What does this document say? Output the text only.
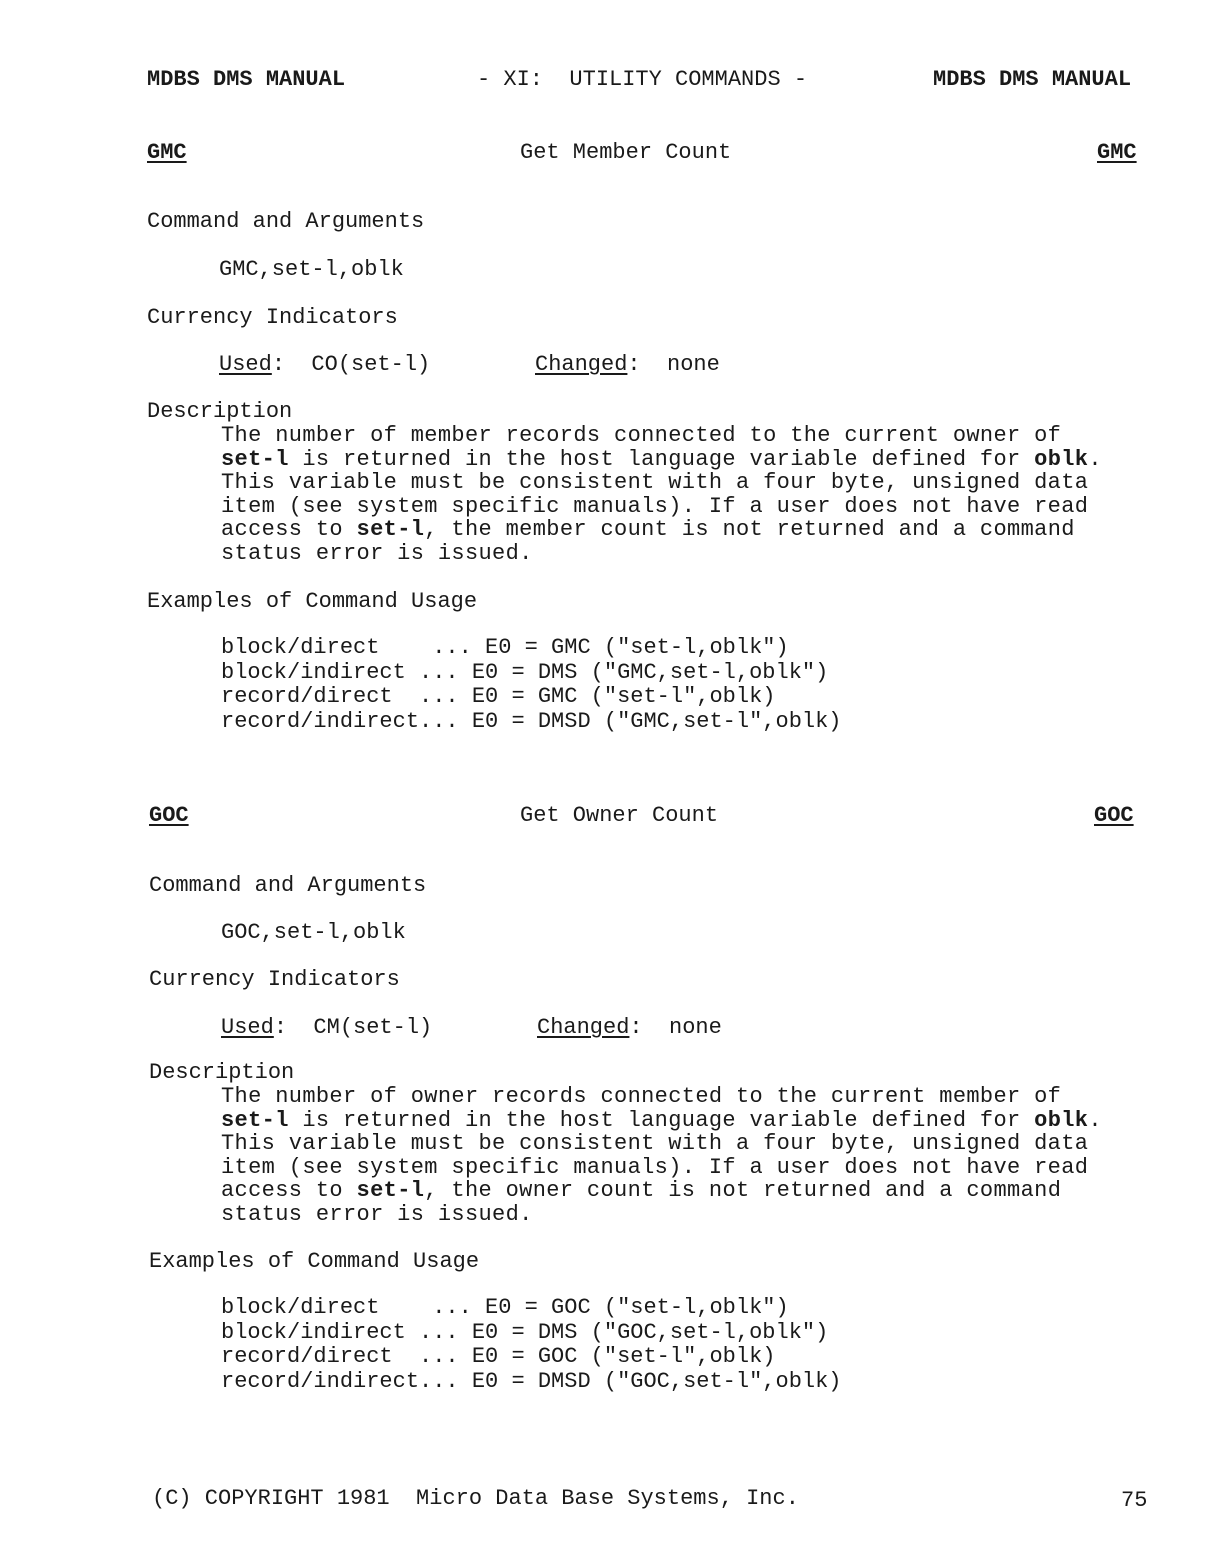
MDBS DMS MANUAL	- XI:  UTILITY COMMANDS -	MDBS DMS MANUAL
GMC	Get Member Count	GMC
Command and Arguments
GMC,set-l,oblk
Currency Indicators
Used:  CO(set-l)	Changed:  none
Description

The number of member records connected to the current owner of

set-l is returned in the host language variable defined for oblk.

This variable must be consistent with a four byte, unsigned data

item (see system specific manuals). If a user does not have read

access to set-l, the member count is not returned and a command

status error is issued.

Examples of Command Usage
block/direct    ... E0 = GMC ("set-l,oblk")
block/indirect ... E0 = DMS ("GMC,set-l,oblk")
record/direct  ... E0 = GMC ("set-l",oblk)
record/indirect... E0 = DMSD ("GMC,set-l",oblk)
GOC	Get Owner Count	GOC
Command and Arguments
GOC,set-l,oblk
Currency Indicators
Used:  CM(set-l)	Changed:  none
Description

The number of owner records connected to the current member of

set-l is returned in the host language variable defined for oblk.

This variable must be consistent with a four byte, unsigned data

item (see system specific manuals). If a user does not have read

access to set-l, the owner count is not returned and a command

status error is issued.

Examples of Command Usage
block/direct    ... E0 = GOC ("set-l,oblk")
block/indirect ... E0 = DMS ("GOC,set-l,oblk")
record/direct  ... E0 = GOC ("set-l",oblk)
record/indirect... E0 = DMSD ("GOC,set-l",oblk)
(C) COPYRIGHT 1981  Micro Data Base Systems, Inc.	75
